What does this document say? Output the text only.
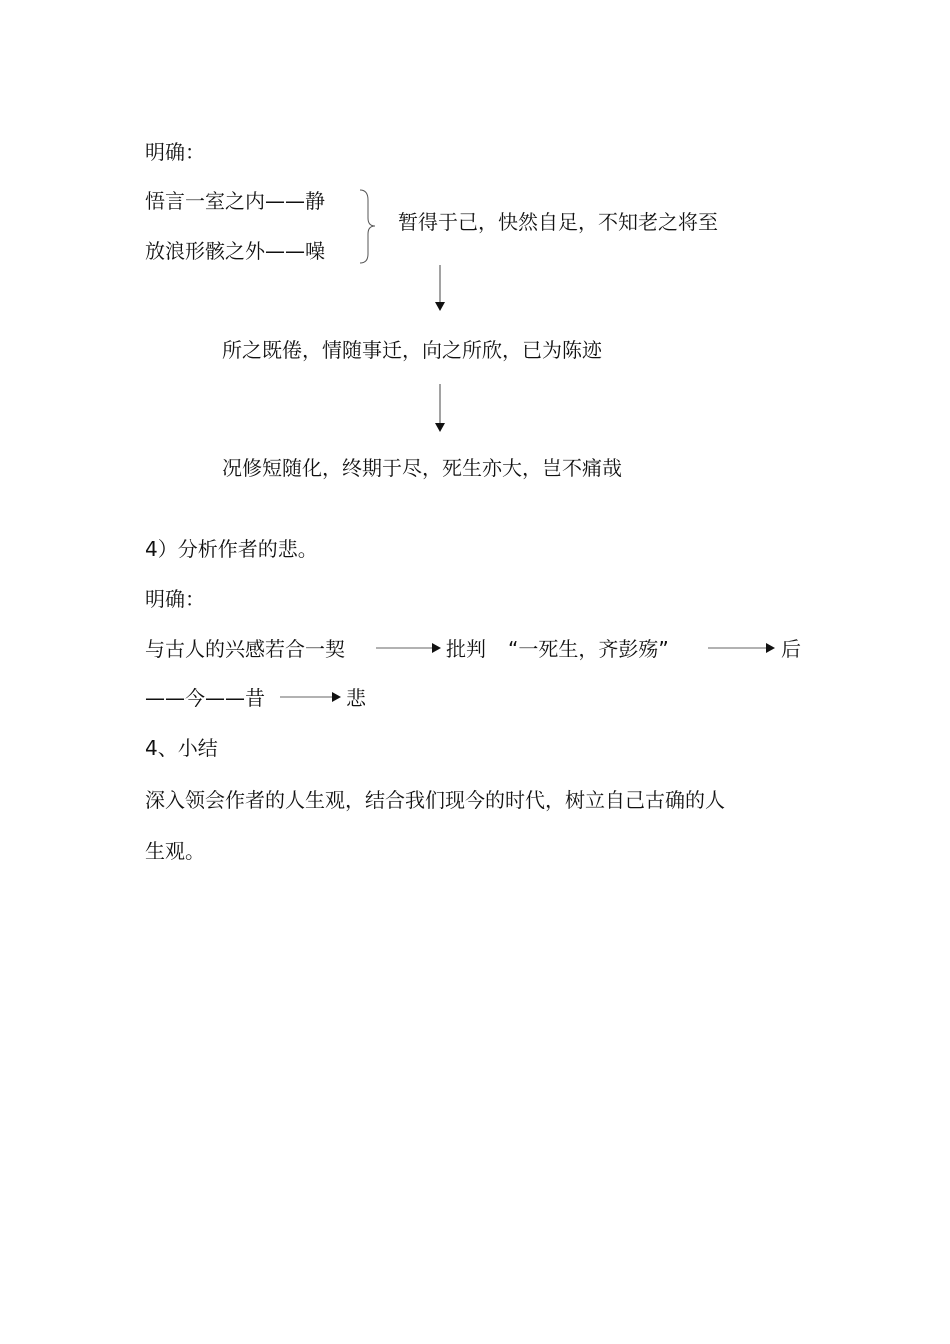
明确：
悟言一室之内——静
放浪形骸之外——噪
暂得于己，快然自足，不知老之将至
所之既倦，情随事迁，向之所欣，已为陈迹
况修短随化，终期于尽，死生亦大，岂不痛哉
4）分析作者的悲。
明确：
与古人的兴感若合一契	批判 “一死生，齐彭殇”	后
——今——昔	悲
4、小结
深入领会作者的人生观，结合我们现今的时代，树立自己古确的人
生观。
